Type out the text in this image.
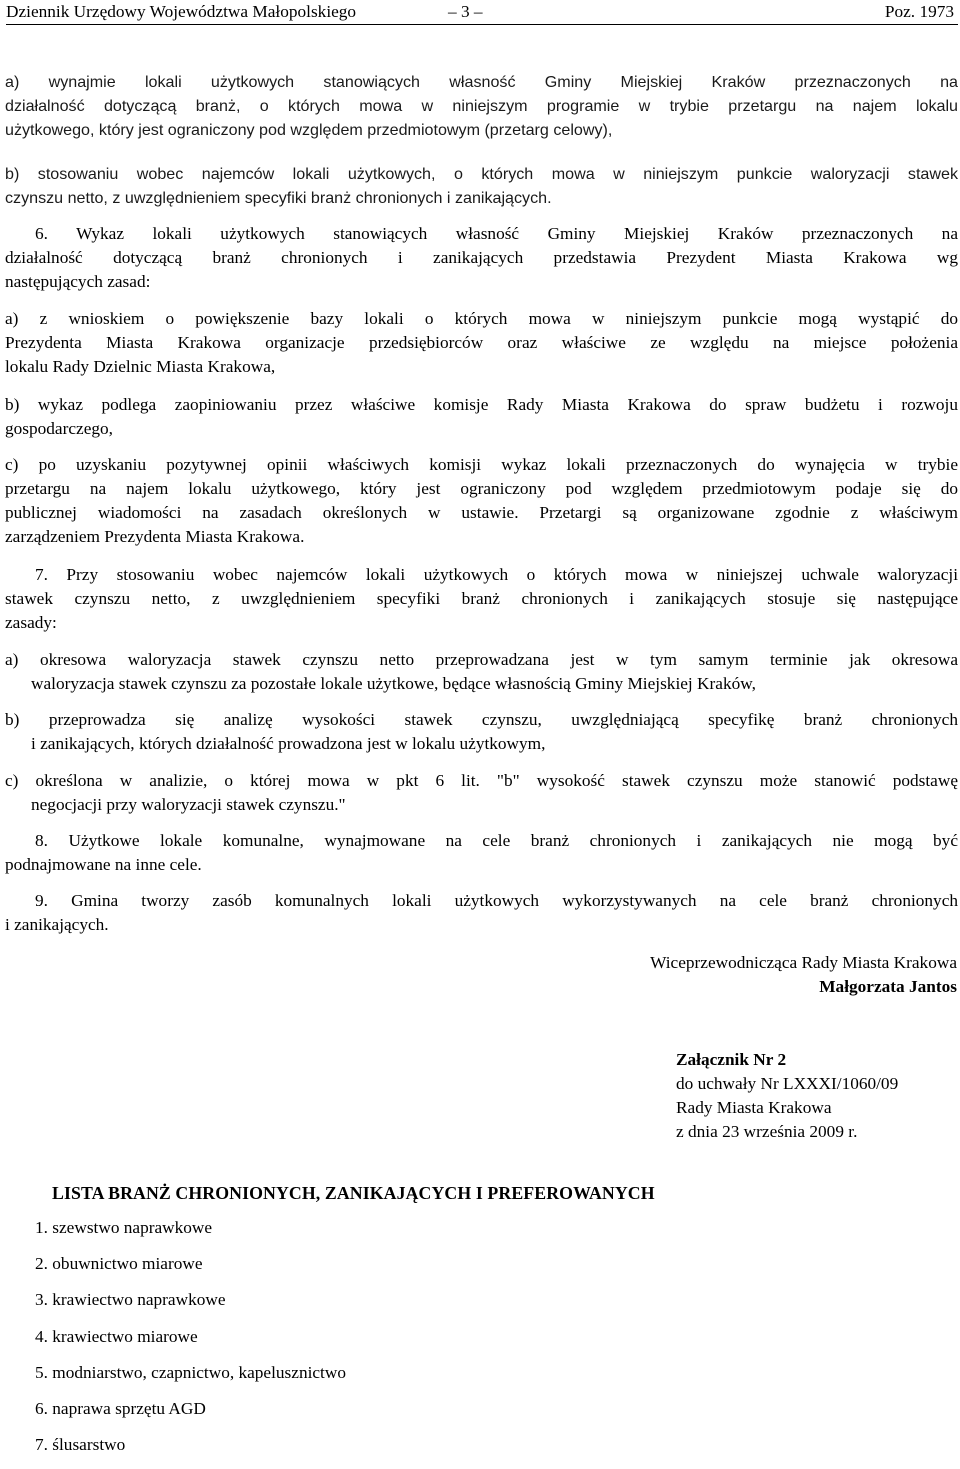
Dziennik Urzędowy Województwa Małopolskiego	– 3 –	Poz. 1973
a) wynajmie lokali użytkowych stanowiących własność Gminy Miejskiej Kraków przeznaczonych na
działalność dotyczącą branż, o których mowa w niniejszym programie w trybie przetargu na najem lokalu
użytkowego, który jest ograniczony pod względem przedmiotowym (przetarg celowy),
b) stosowaniu wobec najemców lokali użytkowych, o których mowa w niniejszym punkcie waloryzacji stawek
czynszu netto, z uwzględnieniem specyfiki branż chronionych i zanikających.
6. Wykaz lokali użytkowych stanowiących własność Gminy Miejskiej Kraków przeznaczonych na
działalność dotyczącą branż chronionych i zanikających przedstawia Prezydent Miasta Krakowa wg
następujących zasad:
a) z wnioskiem o powiększenie bazy lokali o których mowa w niniejszym punkcie mogą wystąpić do
Prezydenta Miasta Krakowa organizacje przedsiębiorców oraz właściwe ze względu na miejsce położenia
lokalu Rady Dzielnic Miasta Krakowa,
b) wykaz podlega zaopiniowaniu przez właściwe komisje Rady Miasta Krakowa do spraw budżetu i rozwoju
gospodarczego,
c) po uzyskaniu pozytywnej opinii właściwych komisji wykaz lokali przeznaczonych do wynajęcia w trybie
przetargu na najem lokalu użytkowego, który jest ograniczony pod względem przedmiotowym podaje się do
publicznej wiadomości na zasadach określonych w ustawie. Przetargi są organizowane zgodnie z właściwym
zarządzeniem Prezydenta Miasta Krakowa.
7. Przy stosowaniu wobec najemców lokali użytkowych o których mowa w niniejszej uchwale waloryzacji
stawek czynszu netto, z uwzględnieniem specyfiki branż chronionych i zanikających stosuje się następujące
zasady:
a) okresowa waloryzacja stawek czynszu netto przeprowadzana jest w tym samym terminie jak okresowa
waloryzacja stawek czynszu za pozostałe lokale użytkowe, będące własnością Gminy Miejskiej Kraków,
b) przeprowadza się analizę wysokości stawek czynszu, uwzględniającą specyfikę branż chronionych
i zanikających, których działalność prowadzona jest w lokalu użytkowym,
c) określona w analizie, o której mowa w pkt 6 lit. "b" wysokość stawek czynszu może stanowić podstawę
negocjacji przy waloryzacji stawek czynszu."
8. Użytkowe lokale komunalne, wynajmowane na cele branż chronionych i zanikających nie mogą być
podnajmowane na inne cele.
9. Gmina tworzy zasób komunalnych lokali użytkowych wykorzystywanych na cele branż chronionych
i zanikających.
Wiceprzewodnicząca Rady Miasta Krakowa
Małgorzata Jantos
Załącznik Nr 2
do uchwały Nr LXXXI/1060/09
Rady Miasta Krakowa
z dnia 23 września 2009 r.
LISTA BRANŻ CHRONIONYCH, ZANIKAJĄCYCH I PREFEROWANYCH
1. szewstwo naprawkowe
2. obuwnictwo miarowe
3. krawiectwo naprawkowe
4. krawiectwo miarowe
5. modniarstwo, czapnictwo, kapelusznictwo
6. naprawa sprzętu AGD
7. ślusarstwo
